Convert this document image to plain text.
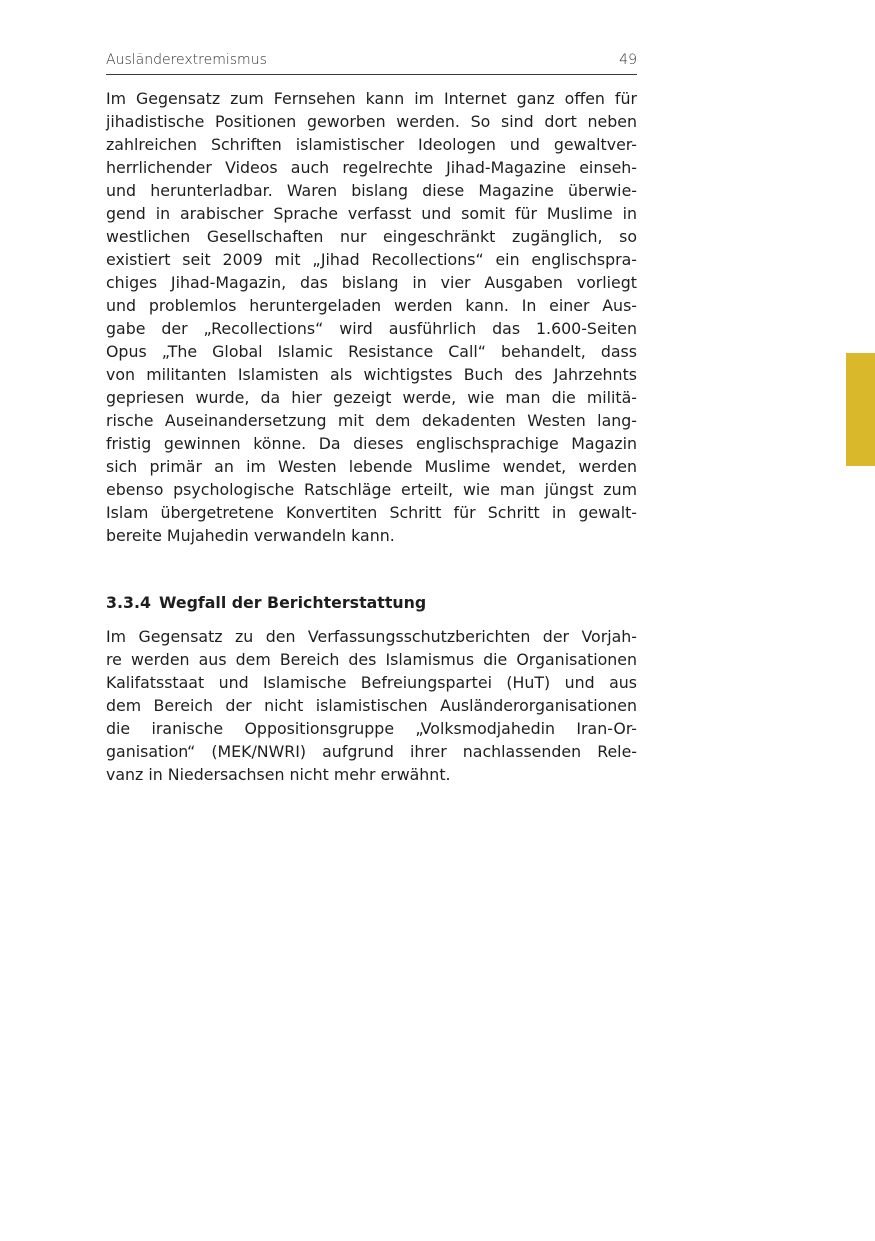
Ausländerextremismus	49
Im Gegensatz zum Fernsehen kann im Internet ganz offen für
jihadistische Positionen geworben werden. So sind dort neben
zahlreichen Schriften islamistischer Ideologen und gewaltver-
herrlichender Videos auch regelrechte Jihad-Magazine einseh-
und herunterladbar. Waren bislang diese Magazine überwie-
gend in arabischer Sprache verfasst und somit für Muslime in
westlichen Gesellschaften nur eingeschränkt zugänglich, so
existiert seit 2009 mit „Jihad Recollections“ ein englischspra-
chiges Jihad-Magazin, das bislang in vier Ausgaben vorliegt
und problemlos heruntergeladen werden kann. In einer Aus-
gabe der „Recollections“ wird ausführlich das 1.600-Seiten
Opus „The Global Islamic Resistance Call“ behandelt, dass
von militanten Islamisten als wichtigstes Buch des Jahrzehnts
gepriesen wurde, da hier gezeigt werde, wie man die militä-
rische Auseinandersetzung mit dem dekadenten Westen lang-
fristig gewinnen könne. Da dieses englischsprachige Magazin
sich primär an im Westen lebende Muslime wendet, werden
ebenso psychologische Ratschläge erteilt, wie man jüngst zum
Islam übergetretene Konvertiten Schritt für Schritt in gewalt-
bereite Mujahedin verwandeln kann.
3.3.4 Wegfall der Berichterstattung
Im Gegensatz zu den Verfassungsschutzberichten der Vorjah-
re werden aus dem Bereich des Islamismus die Organisationen
Kalifatsstaat und Islamische Befreiungspartei (HuT) und aus
dem Bereich der nicht islamistischen Ausländerorganisationen
die iranische Oppositionsgruppe „Volksmodjahedin Iran-Or-
ganisation“ (MEK/NWRI) aufgrund ihrer nachlassenden Rele-
vanz in Niedersachsen nicht mehr erwähnt.
